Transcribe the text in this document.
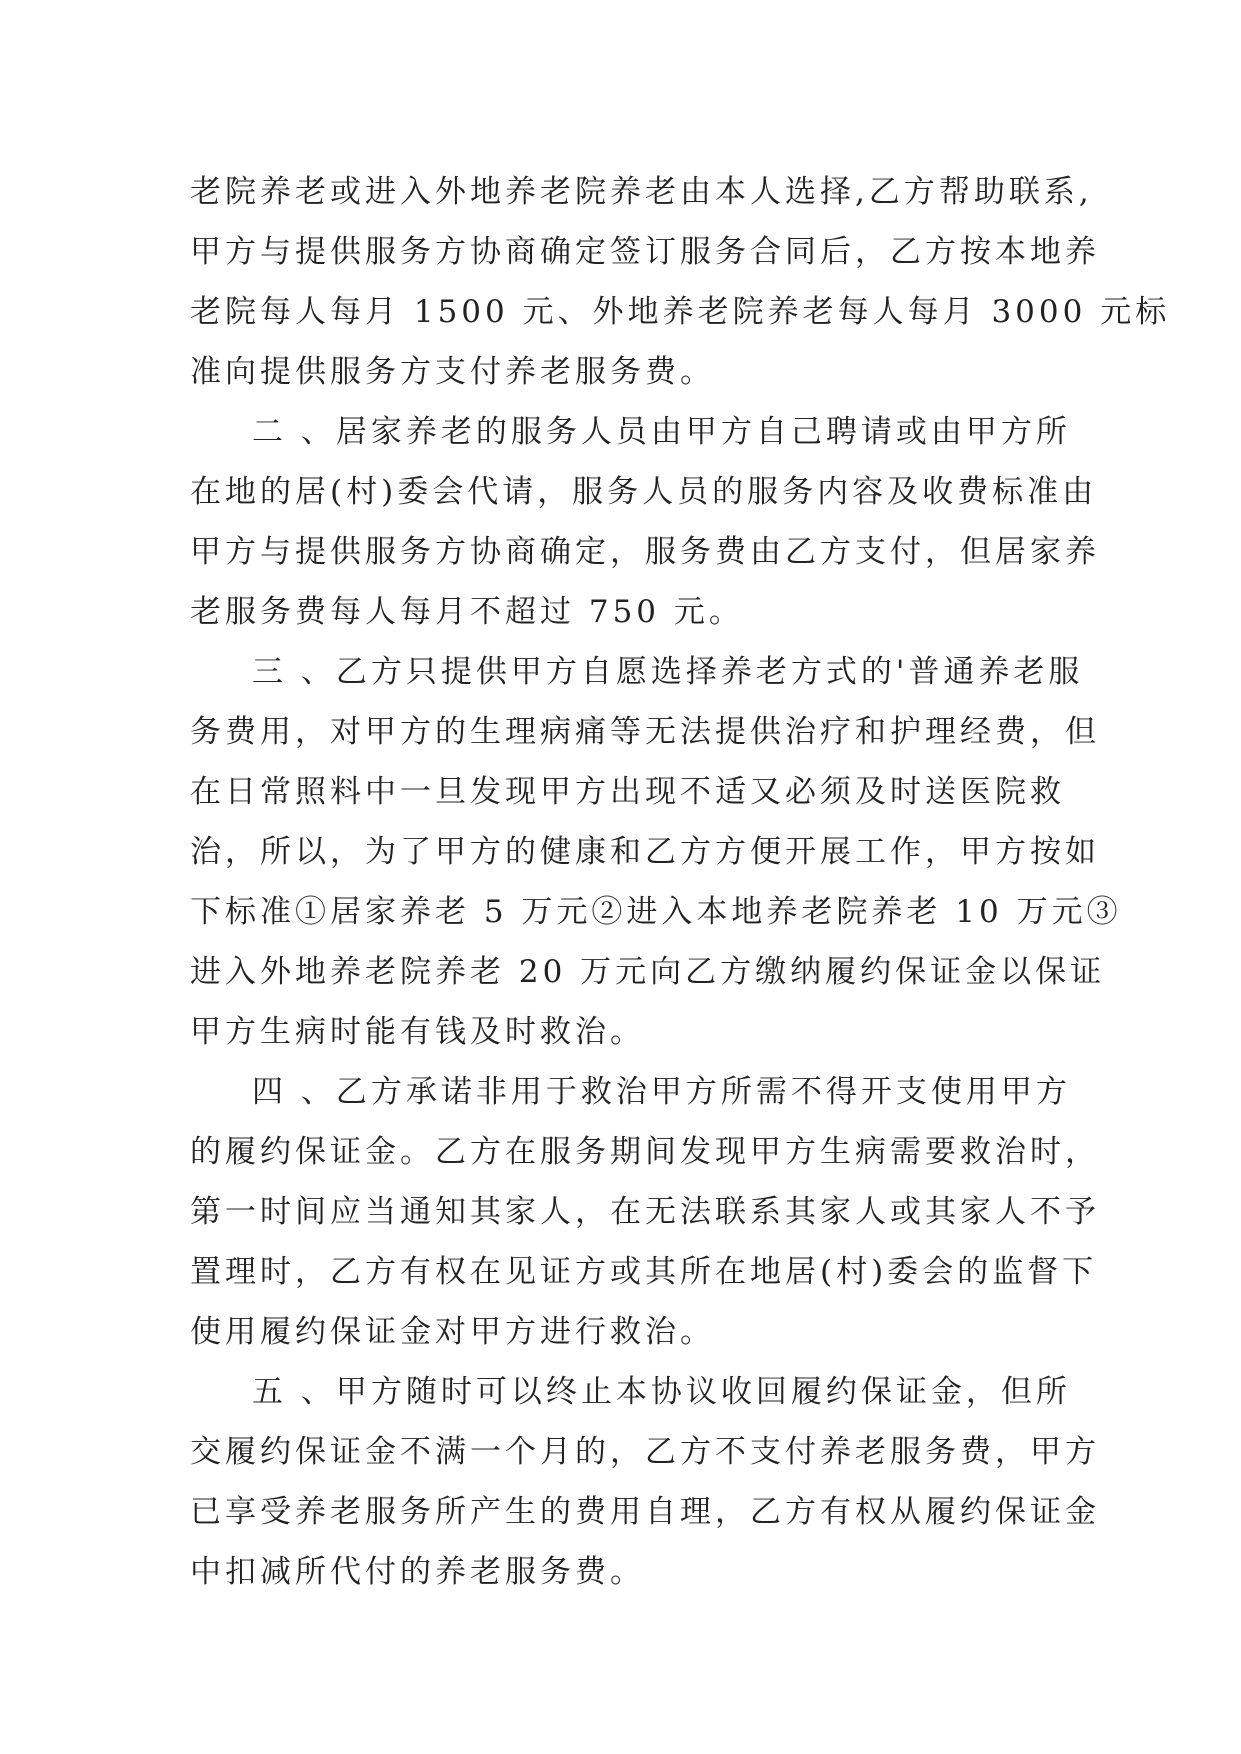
老院养老或进入外地养老院养老由本人选择,乙方帮助联系,
甲方与提供服务方协商确定签订服务合同后，乙方按本地养
老院每人每月 1500 元、外地养老院养老每人每月 3000 元标
准向提供服务方支付养老服务费。
二 、居家养老的服务人员由甲方自己聘请或由甲方所
在地的居(村)委会代请，服务人员的服务内容及收费标准由
甲方与提供服务方协商确定，服务费由乙方支付，但居家养
老服务费每人每月不超过 750 元。
三 、乙方只提供甲方自愿选择养老方式的'普通养老服
务费用，对甲方的生理病痛等无法提供治疗和护理经费，但
在日常照料中一旦发现甲方出现不适又必须及时送医院救
治，所以，为了甲方的健康和乙方方便开展工作，甲方按如
下标准①居家养老 5 万元②进入本地养老院养老 10 万元③
进入外地养老院养老 20 万元向乙方缴纳履约保证金以保证
甲方生病时能有钱及时救治。
四 、乙方承诺非用于救治甲方所需不得开支使用甲方
的履约保证金。乙方在服务期间发现甲方生病需要救治时，
第一时间应当通知其家人，在无法联系其家人或其家人不予
置理时，乙方有权在见证方或其所在地居(村)委会的监督下
使用履约保证金对甲方进行救治。
五 、甲方随时可以终止本协议收回履约保证金，但所
交履约保证金不满一个月的，乙方不支付养老服务费，甲方
已享受养老服务所产生的费用自理，乙方有权从履约保证金
中扣减所代付的养老服务费。
